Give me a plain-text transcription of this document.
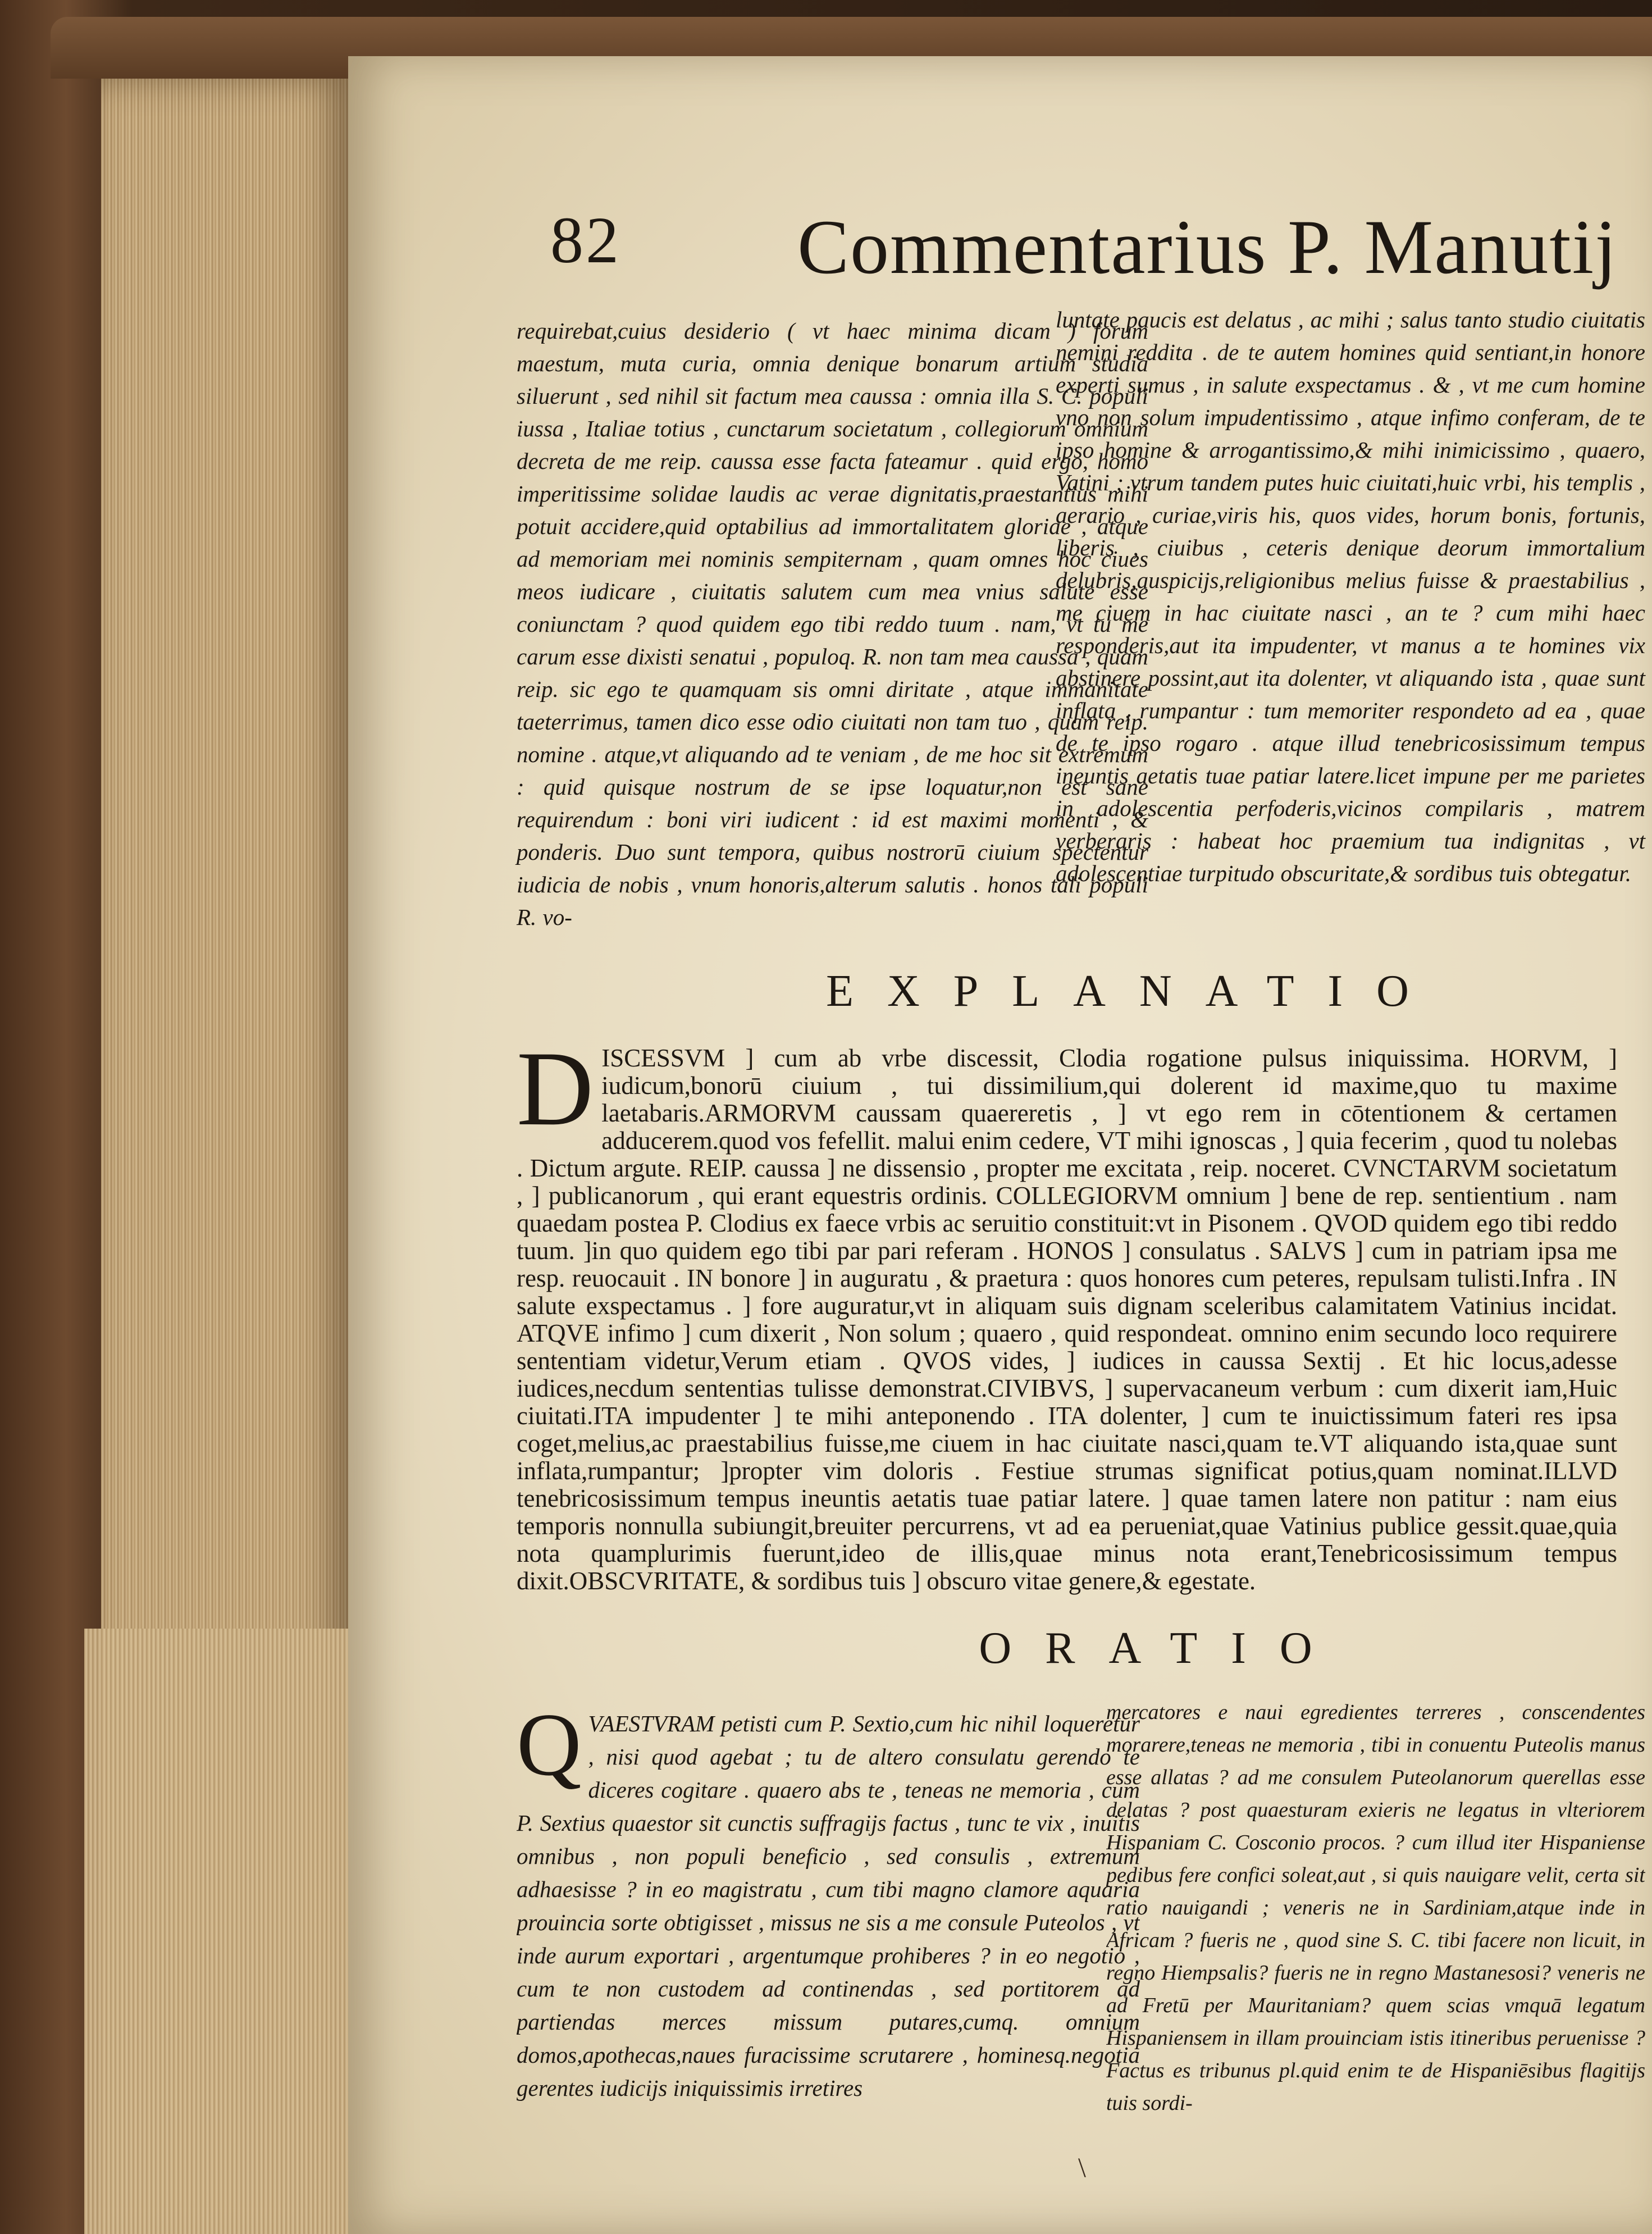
82 Commentarius P. Manutij
requirebat,cuius desiderio ( vt haec minima dicam ) forum maestum, muta curia, omnia denique bonarum artium studia siluerunt , sed nihil sit factum mea caussa : omnia illa S. C. populi iussa , Italiae totius , cunctarum societatum , collegiorum omnium decreta de me reip. caussa esse facta fateamur . quid ergo, homo imperitissime solidae laudis ac verae dignitatis,praestantius mihi potuit accidere,quid optabilius ad immortalitatem gloriae , atque ad memoriam mei nominis sempiternam , quam omnes hoc ciues meos iudicare , ciuitatis salutem cum mea vnius salute esse coniunctam ? quod quidem ego tibi reddo tuum . nam, vt tu me carum esse dixisti senatui , populoq. R. non tam mea caussa , quam reip. sic ego te quamquam sis omni diritate , atque immanitate taeterrimus, tamen dico esse odio ciuitati non tam tuo , quam reip. nomine . atque,vt aliquando ad te veniam , de me hoc sit extremum : quid quisque nostrum de se ipse loquatur,non est sane requirendum : boni viri iudicent : id est maximi momenti , & ponderis. Duo sunt tempora, quibus nostrorū ciuium spectentur iudicia de nobis , vnum honoris,alterum salutis . honos tali populi R. vo-
luntate paucis est delatus , ac mihi ; salus tanto studio ciuitatis nemini reddita . de te autem homines quid sentiant,in honore experti sumus , in salute exspectamus . & , vt me cum homine vno non solum impudentissimo , atque infimo conferam, de te ipso homine & arrogantissimo,& mihi inimicissimo , quaero, Vatini ; vtrum tandem putes huic ciuitati,huic vrbi, his templis , aerario , curiae,viris his, quos vides, horum bonis, fortunis, liberis , ciuibus , ceteris denique deorum immortalium delubris,auspicijs,religionibus melius fuisse & praestabilius , me ciuem in hac ciuitate nasci , an te ? cum mihi haec responderis,aut ita impudenter, vt manus a te homines vix abstinere possint,aut ita dolenter, vt aliquando ista , quae sunt inflata , rumpantur : tum memoriter respondeto ad ea , quae de te ipso rogaro . atque illud tenebricosissimum tempus ineuntis aetatis tuae patiar latere.licet impune per me parietes in adolescentia perfoderis,vicinos compilaris , matrem verberaris : habeat hoc praemium tua indignitas , vt adolescentiae turpitudo obscuritate,& sordibus tuis obtegatur.
EXPLANATIO
D ISCESSVM ] cum ab vrbe discessit, Clodia rogatione pulsus iniquissima. HORVM, ] iudicum,bonorū ciuium , tui dissimilium,qui dolerent id maxime,quo tu maxime laetabaris.ARMORVM caussam quaereretis , ] vt ego rem in cōtentionem & certamen adducerem.quod vos fefellit. malui enim cedere, VT mihi ignoscas , ] quia fecerim , quod tu nolebas . Dictum argute. REIP. caussa ] ne dissensio , propter me excitata , reip. noceret. CVNCTARVM societatum , ] publicanorum , qui erant equestris ordinis. COLLEGIORVM omnium ] bene de rep. sentientium . nam quaedam postea P. Clodius ex faece vrbis ac seruitio constituit:vt in Pisonem . QVOD quidem ego tibi reddo tuum. ]in quo quidem ego tibi par pari referam . HONOS ] consulatus . SALVS ] cum in patriam ipsa me resp. reuocauit . IN bonore ] in auguratu , & praetura : quos honores cum peteres, repulsam tulisti.Infra . IN salute exspectamus . ] fore auguratur,vt in aliquam suis dignam sceleribus calamitatem Vatinius incidat. ATQVE infimo ] cum dixerit , Non solum ; quaero , quid respondeat. omnino enim secundo loco requirere sententiam videtur,Verum etiam . QVOS vides, ] iudices in caussa Sextij . Et hic locus,adesse iudices,necdum sententias tulisse demonstrat.CIVIBVS, ] supervacaneum verbum : cum dixerit iam,Huic ciuitati.ITA impudenter ] te mihi anteponendo . ITA dolenter, ] cum te inuictissimum fateri res ipsa coget,melius,ac praestabilius fuisse,me ciuem in hac ciuitate nasci,quam te.VT aliquando ista,quae sunt inflata,rumpantur; ]propter vim doloris . Festiue strumas significat potius,quam nominat.ILLVD tenebricosissimum tempus ineuntis aetatis tuae patiar latere. ] quae tamen latere non patitur : nam eius temporis nonnulla subiungit,breuiter percurrens, vt ad ea perueniat,quae Vatinius publice gessit.quae,quia nota quamplurimis fuerunt,ideo de illis,quae minus nota erant,Tenebricosissimum tempus dixit.OBSCVRITATE, & sordibus tuis ] obscuro vitae genere,& egestate.
ORATIO
Q VAESTVRAM petisti cum P. Sextio,cum hic nihil loqueretur , nisi quod agebat ; tu de altero consulatu gerendo te diceres cogitare . quaero abs te , teneas ne memoria , cum P. Sextius quaestor sit cunctis suffragijs factus , tunc te vix , inuitis omnibus , non populi beneficio , sed consulis , extremum adhaesisse ? in eo magistratu , cum tibi magno clamore aquaria prouincia sorte obtigisset , missus ne sis a me consule Puteolos , vt inde aurum exportari , argentumque prohiberes ? in eo negotio , cum te non custodem ad continendas , sed portitorem ad partiendas merces missum putares,cumq. omnium domos,apothecas,naues furacissime scrutarere , hominesq.negotia gerentes iudicijs iniquissimis irretires
mercatores e naui egredientes terreres , conscendentes morarere,teneas ne memoria , tibi in conuentu Puteolis manus esse allatas ? ad me consulem Puteolanorum querellas esse delatas ? post quaesturam exieris ne legatus in vlteriorem Hispaniam C. Cosconio procos. ? cum illud iter Hispaniense pedibus fere confici soleat,aut , si quis nauigare velit, certa sit ratio nauigandi ; veneris ne in Sardiniam,atque inde in Africam ? fueris ne , quod sine S. C. tibi facere non licuit, in regno Hiempsalis? fueris ne in regno Mastanesosi? veneris ne ad Fretū per Mauritaniam? quem scias vmquā legatum Hispaniensem in illam prouinciam istis itineribus peruenisse ? Factus es tribunus pl.quid enim te de Hispaniēsibus flagitijs tuis sordi-
\
